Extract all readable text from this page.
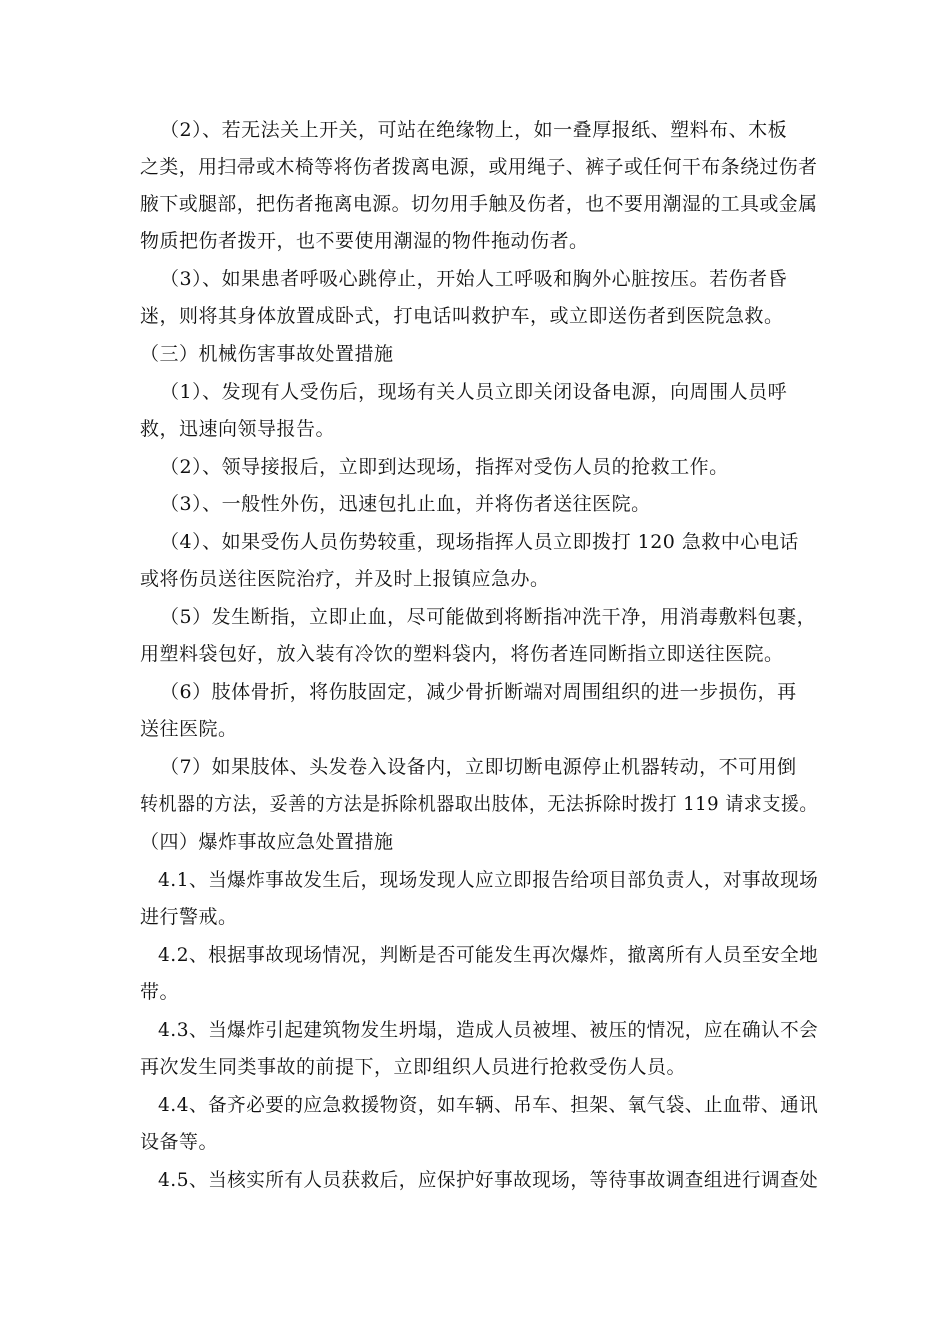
（2）、若无法关上开关，可站在绝缘物上，如一叠厚报纸、塑料布、木板
之类，用扫帚或木椅等将伤者拨离电源，或用绳子、裤子或任何干布条绕过伤者
腋下或腿部，把伤者拖离电源。切勿用手触及伤者，也不要用潮湿的工具或金属
物质把伤者拨开，也不要使用潮湿的物件拖动伤者。
（3）、如果患者呼吸心跳停止，开始人工呼吸和胸外心脏按压。若伤者昏
迷，则将其身体放置成卧式，打电话叫救护车，或立即送伤者到医院急救。
（三）机械伤害事故处置措施
（1）、发现有人受伤后，现场有关人员立即关闭设备电源，向周围人员呼
救，迅速向领导报告。
（2）、领导接报后，立即到达现场，指挥对受伤人员的抢救工作。
（3）、一般性外伤，迅速包扎止血，并将伤者送往医院。
（4）、如果受伤人员伤势较重，现场指挥人员立即拨打 120 急救中心电话
或将伤员送往医院治疗，并及时上报镇应急办。
（5）发生断指，立即止血，尽可能做到将断指冲洗干净，用消毒敷料包裹，
用塑料袋包好，放入装有冷饮的塑料袋内，将伤者连同断指立即送往医院。
（6）肢体骨折，将伤肢固定，减少骨折断端对周围组织的进一步损伤，再
送往医院。
（7）如果肢体、头发卷入设备内，立即切断电源停止机器转动，不可用倒
转机器的方法，妥善的方法是拆除机器取出肢体，无法拆除时拨打 119 请求支援。
（四）爆炸事故应急处置措施
4.1、当爆炸事故发生后，现场发现人应立即报告给项目部负责人，对事故现场
进行警戒。
4.2、根据事故现场情况，判断是否可能发生再次爆炸，撤离所有人员至安全地
带。
4.3、当爆炸引起建筑物发生坍塌，造成人员被埋、被压的情况，应在确认不会
再次发生同类事故的前提下，立即组织人员进行抢救受伤人员。
4.4、备齐必要的应急救援物资，如车辆、吊车、担架、氧气袋、止血带、通讯
设备等。
4.5、当核实所有人员获救后，应保护好事故现场，等待事故调查组进行调查处
